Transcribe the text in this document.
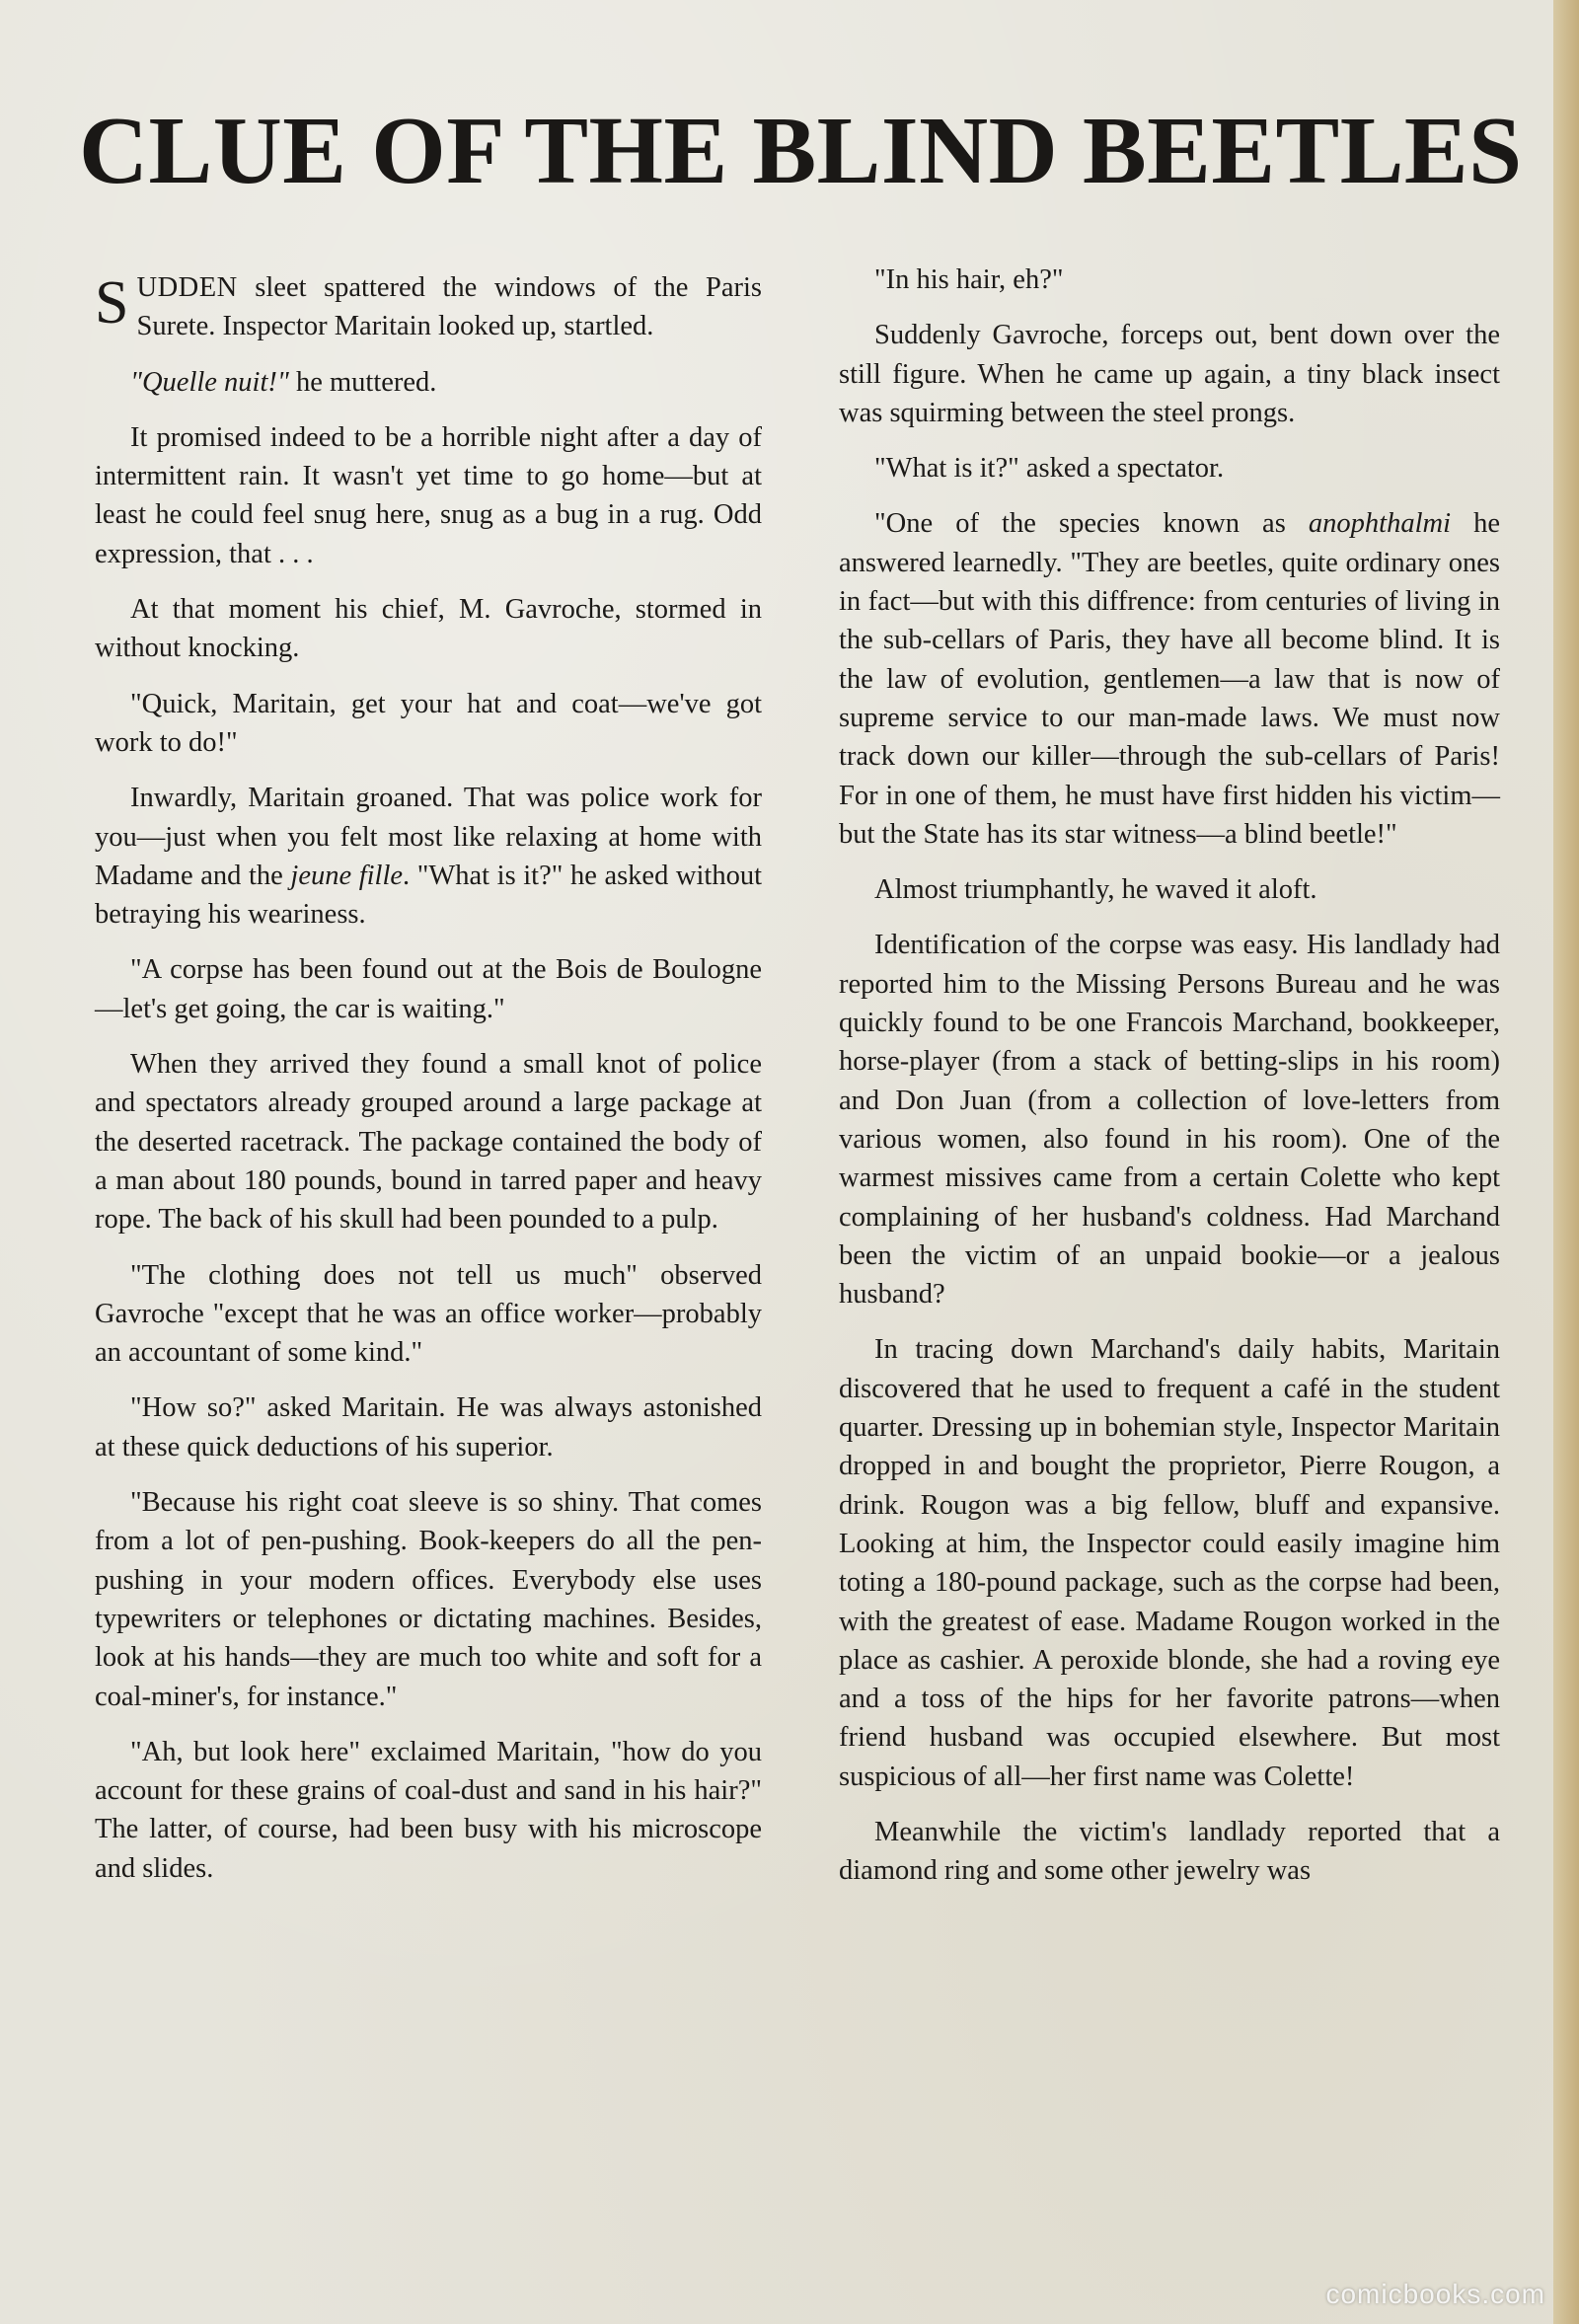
CLUE OF THE BLIND BEETLES

SUDDEN sleet spattered the windows of the Paris Surete. Inspector Maritain looked up, startled.

"Quelle nuit!" he muttered.

It promised indeed to be a horrible night after a day of intermittent rain. It wasn't yet time to go home—but at least he could feel snug here, snug as a bug in a rug. Odd expression, that . . .

At that moment his chief, M. Gavroche, stormed in without knocking.

"Quick, Maritain, get your hat and coat—we've got work to do!"

Inwardly, Maritain groaned. That was police work for you—just when you felt most like relaxing at home with Madame and the jeune fille. "What is it?" he asked without betraying his weariness.

"A corpse has been found out at the Bois de Boulogne—let's get going, the car is waiting."

When they arrived they found a small knot of police and spectators already grouped around a large package at the deserted racetrack. The package contained the body of a man about 180 pounds, bound in tarred paper and heavy rope. The back of his skull had been pounded to a pulp.

"The clothing does not tell us much" observed Gavroche "except that he was an office worker—probably an accountant of some kind."

"How so?" asked Maritain. He was always astonished at these quick deductions of his superior.

"Because his right coat sleeve is so shiny. That comes from a lot of pen-pushing. Book-keepers do all the pen-pushing in your modern offices. Everybody else uses typewriters or telephones or dictating machines. Besides, look at his hands—they are much too white and soft for a coal-miner's, for instance."

"Ah, but look here" exclaimed Maritain, "how do you account for these grains of coal-dust and sand in his hair?" The latter, of course, had been busy with his microscope and slides.

"In his hair, eh?"

Suddenly Gavroche, forceps out, bent down over the still figure. When he came up again, a tiny black insect was squirming between the steel prongs.

"What is it?" asked a spectator.

"One of the species known as anophthalmi he answered learnedly. "They are beetles, quite ordinary ones in fact—but with this diffrence: from centuries of living in the sub-cellars of Paris, they have all become blind. It is the law of evolution, gentlemen—a law that is now of supreme service to our man-made laws. We must now track down our killer—through the sub-cellars of Paris! For in one of them, he must have first hidden his victim—but the State has its star witness—a blind beetle!"

Almost triumphantly, he waved it aloft.

Identification of the corpse was easy. His landlady had reported him to the Missing Persons Bureau and he was quickly found to be one Francois Marchand, bookkeeper, horse-player (from a stack of betting-slips in his room) and Don Juan (from a collection of love-letters from various women, also found in his room). One of the warmest missives came from a certain Colette who kept complaining of her husband's coldness. Had Marchand been the victim of an unpaid bookie—or a jealous husband?

In tracing down Marchand's daily habits, Maritain discovered that he used to frequent a café in the student quarter. Dressing up in bohemian style, Inspector Maritain dropped in and bought the proprietor, Pierre Rougon, a drink. Rougon was a big fellow, bluff and expansive. Looking at him, the Inspector could easily imagine him toting a 180-pound package, such as the corpse had been, with the greatest of ease. Madame Rougon worked in the place as cashier. A peroxide blonde, she had a roving eye and a toss of the hips for her favorite patrons—when friend husband was occupied elsewhere. But most suspicious of all—her first name was Colette!

Meanwhile the victim's landlady reported that a diamond ring and some other jewelry was

comicbooks.com
